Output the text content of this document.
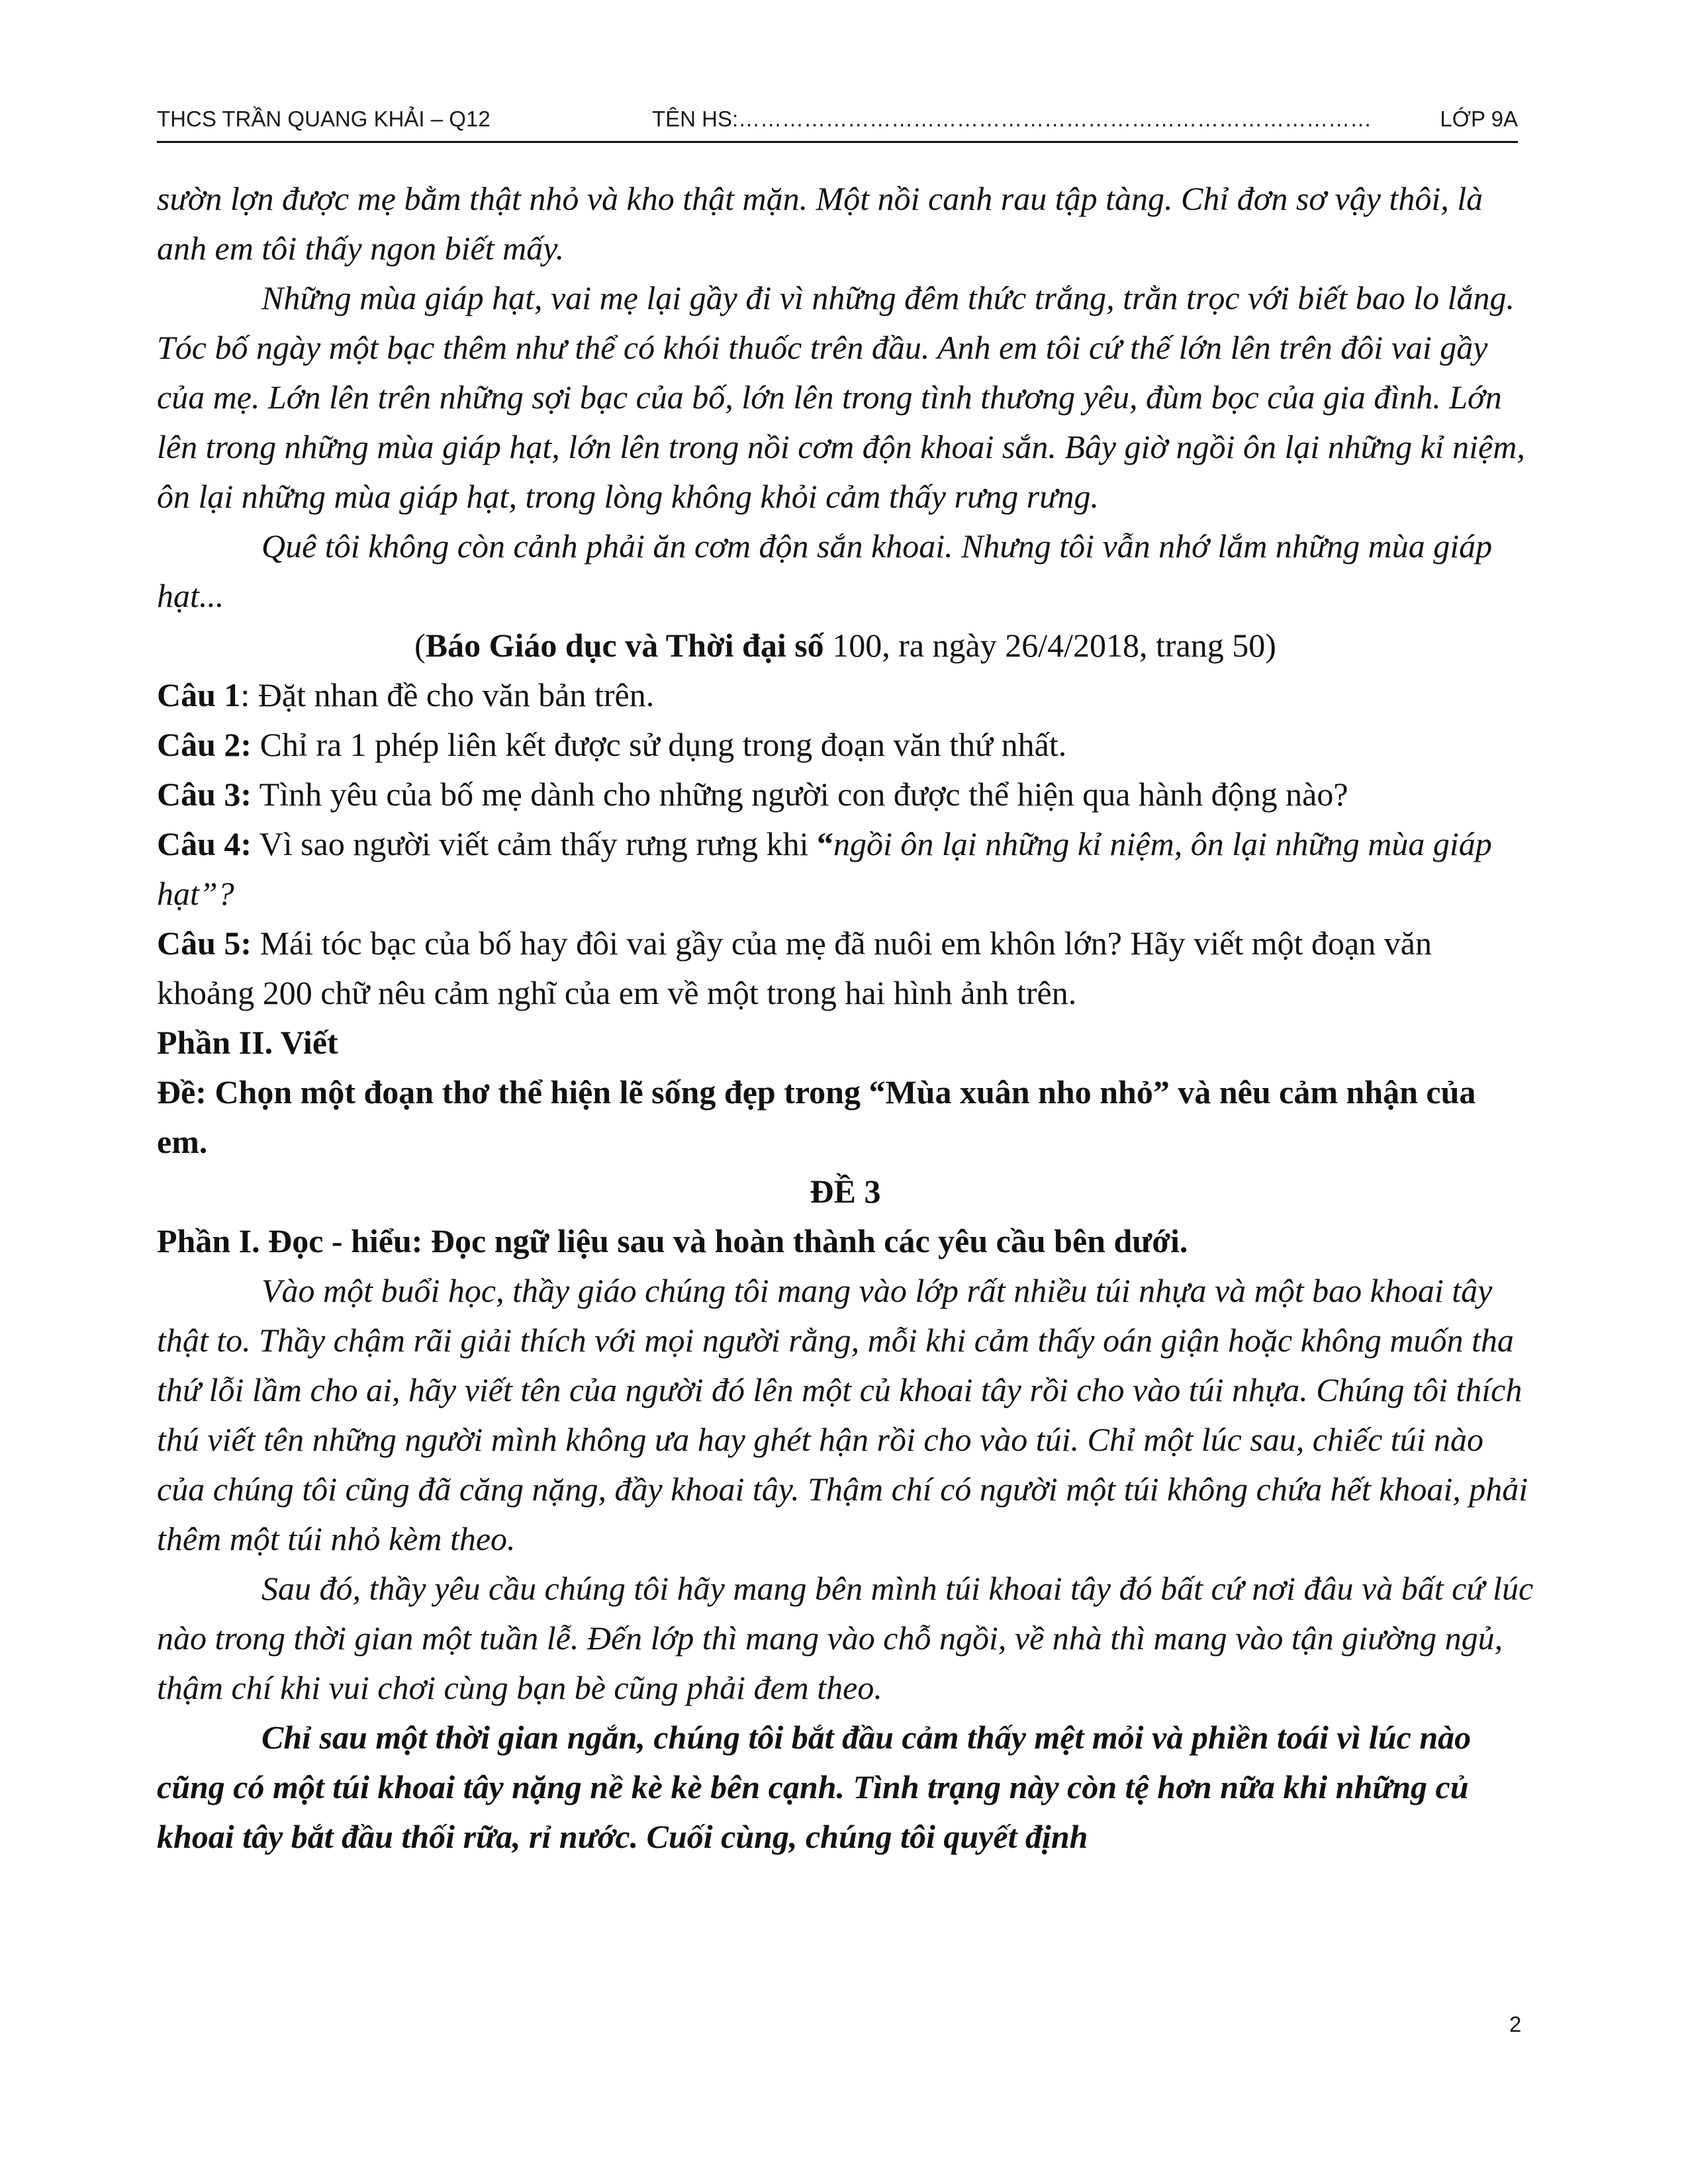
THCS TRẦN QUANG KHẢI – Q12	TÊN HS:……………………………………………………………………………	LỚP 9A

sườn lợn được mẹ bằm thật nhỏ và kho thật mặn. Một nồi canh rau tập tàng. Chỉ đơn sơ vậy thôi, là anh em tôi thấy ngon biết mấy.

Những mùa giáp hạt, vai mẹ lại gầy đi vì những đêm thức trắng, trằn trọc với biết bao lo lắng. Tóc bố ngày một bạc thêm như thể có khói thuốc trên đầu. Anh em tôi cứ thế lớn lên trên đôi vai gầy của mẹ. Lớn lên trên những sợi bạc của bố, lớn lên trong tình thương yêu, đùm bọc của gia đình. Lớn lên trong những mùa giáp hạt, lớn lên trong nồi cơm độn khoai sắn. Bây giờ ngồi ôn lại những kỉ niệm, ôn lại những mùa giáp hạt, trong lòng không khỏi cảm thấy rưng rưng.

Quê tôi không còn cảnh phải ăn cơm độn sắn khoai. Nhưng tôi vẫn nhớ lắm những mùa giáp hạt...

(Báo Giáo dục và Thời đại số 100, ra ngày 26/4/2018, trang 50)

Câu 1: Đặt nhan đề cho văn bản trên.

Câu 2: Chỉ ra 1 phép liên kết được sử dụng trong đoạn văn thứ nhất.

Câu 3: Tình yêu của bố mẹ dành cho những người con được thể hiện qua hành động nào?

Câu 4: Vì sao người viết cảm thấy rưng rưng khi “ngồi ôn lại những kỉ niệm, ôn lại những mùa giáp hạt”?

Câu 5: Mái tóc bạc của bố hay đôi vai gầy của mẹ đã nuôi em khôn lớn? Hãy viết một đoạn văn khoảng 200 chữ nêu cảm nghĩ của em về một trong hai hình ảnh trên.

Phần II. Viết

Đề: Chọn một đoạn thơ thể hiện lẽ sống đẹp trong “Mùa xuân nho nhỏ” và nêu cảm nhận của em.

ĐỀ 3

Phần I. Đọc - hiểu: Đọc ngữ liệu sau và hoàn thành các yêu cầu bên dưới.

Vào một buổi học, thầy giáo chúng tôi mang vào lớp rất nhiều túi nhựa và một bao khoai tây thật to. Thầy chậm rãi giải thích với mọi người rằng, mỗi khi cảm thấy oán giận hoặc không muốn tha thứ lỗi lầm cho ai, hãy viết tên của người đó lên một củ khoai tây rồi cho vào túi nhựa. Chúng tôi thích thú viết tên những người mình không ưa hay ghét hận rồi cho vào túi. Chỉ một lúc sau, chiếc túi nào của chúng tôi cũng đã căng nặng, đầy khoai tây. Thậm chí có người một túi không chứa hết khoai, phải thêm một túi nhỏ kèm theo.

Sau đó, thầy yêu cầu chúng tôi hãy mang bên mình túi khoai tây đó bất cứ nơi đâu và bất cứ lúc nào trong thời gian một tuần lễ. Đến lớp thì mang vào chỗ ngồi, về nhà thì mang vào tận giường ngủ, thậm chí khi vui chơi cùng bạn bè cũng phải đem theo.

Chỉ sau một thời gian ngắn, chúng tôi bắt đầu cảm thấy mệt mỏi và phiền toái vì lúc nào cũng có một túi khoai tây nặng nề kè kè bên cạnh. Tình trạng này còn tệ hơn nữa khi những củ khoai tây bắt đầu thối rữa, rỉ nước. Cuối cùng, chúng tôi quyết định

2
